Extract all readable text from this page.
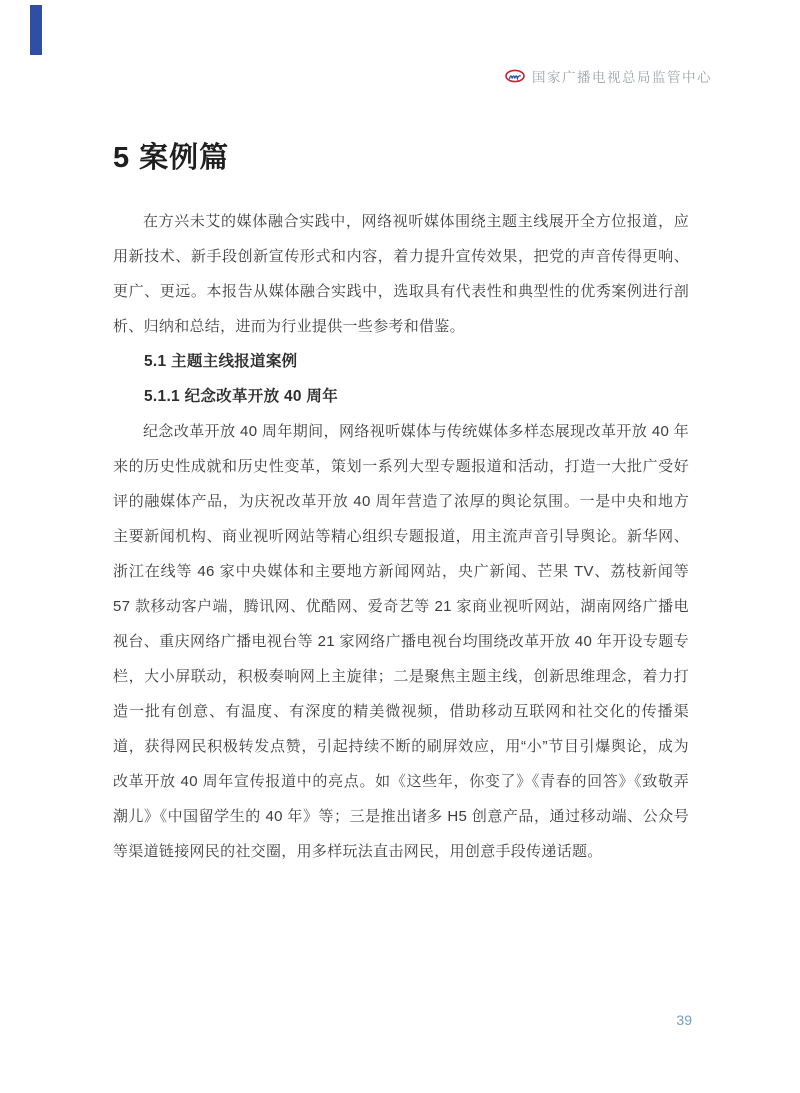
国家广播电视总局监管中心
5 案例篇

在方兴未艾的媒体融合实践中，网络视听媒体围绕主题主线展开全方位报道，应用新技术、新手段创新宣传形式和内容，着力提升宣传效果，把党的声音传得更响、更广、更远。本报告从媒体融合实践中，选取具有代表性和典型性的优秀案例进行剖析、归纳和总结，进而为行业提供一些参考和借鉴。

5.1 主题主线报道案例
5.1.1 纪念改革开放 40 周年

纪念改革开放 40 周年期间，网络视听媒体与传统媒体多样态展现改革开放 40 年来的历史性成就和历史性变革，策划一系列大型专题报道和活动，打造一大批广受好评的融媒体产品，为庆祝改革开放 40 周年营造了浓厚的舆论氛围。一是中央和地方主要新闻机构、商业视听网站等精心组织专题报道，用主流声音引导舆论。新华网、浙江在线等 46 家中央媒体和主要地方新闻网站，央广新闻、芒果 TV、荔枝新闻等 57 款移动客户端，腾讯网、优酷网、爱奇艺等 21 家商业视听网站，湖南网络广播电视台、重庆网络广播电视台等 21 家网络广播电视台均围绕改革开放 40 年开设专题专栏，大小屏联动，积极奏响网上主旋律；二是聚焦主题主线，创新思维理念，着力打造一批有创意、有温度、有深度的精美微视频，借助移动互联网和社交化的传播渠道，获得网民积极转发点赞，引起持续不断的刷屏效应，用“小”节目引爆舆论，成为改革开放 40 周年宣传报道中的亮点。如《这些年，你变了》《青春的回答》《致敬弄潮儿》《中国留学生的 40 年》等；三是推出诸多 H5 创意产品，通过移动端、公众号等渠道链接网民的社交圈，用多样玩法直击网民，用创意手段传递话题。

39
